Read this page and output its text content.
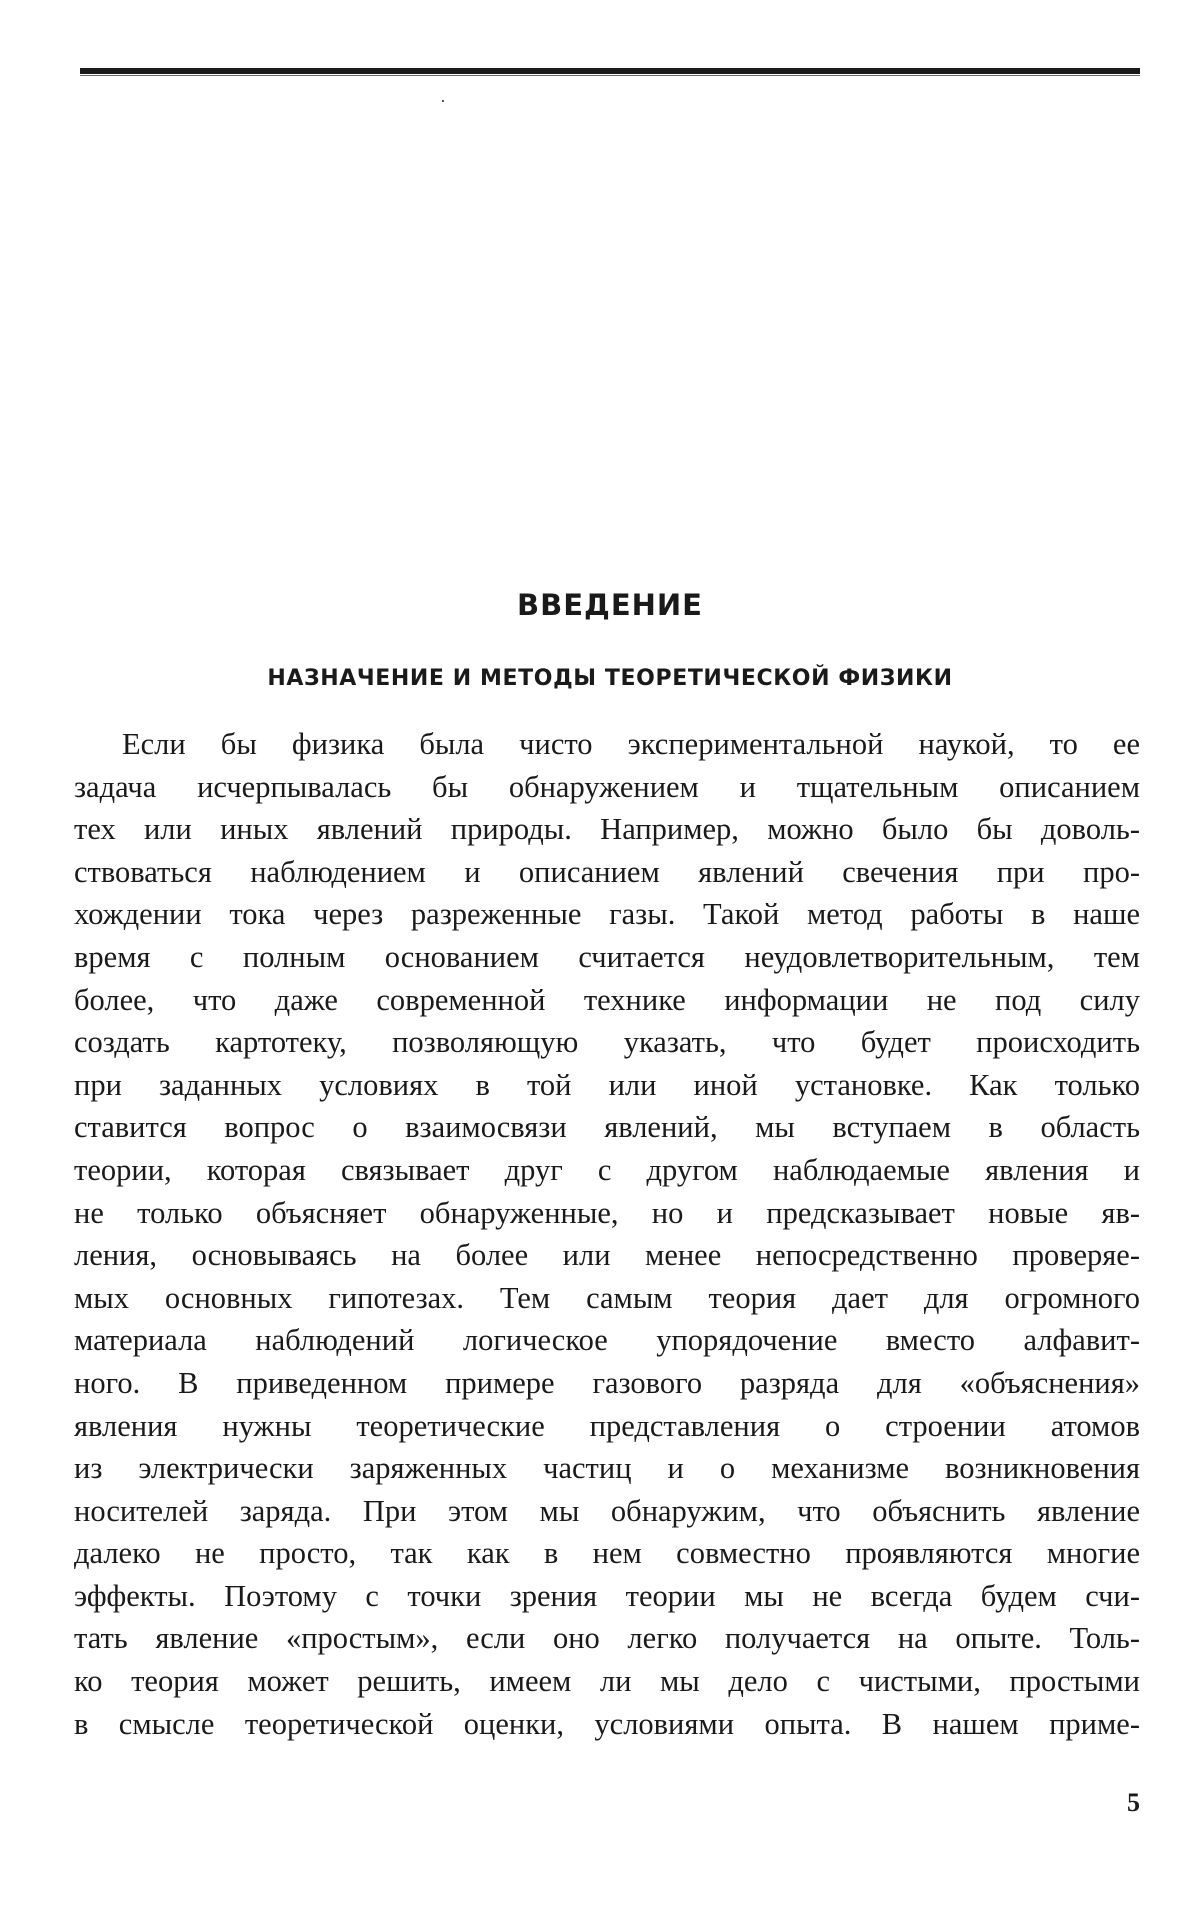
ВВЕДЕНИЕ
НАЗНАЧЕНИЕ И МЕТОДЫ ТЕОРЕТИЧЕСКОЙ ФИЗИКИ
Если бы физика была чисто экспериментальной наукой, то ее
задача исчерпывалась бы обнаружением и тщательным описанием
тех или иных явлений природы. Например, можно было бы доволь-
ствоваться наблюдением и описанием явлений свечения при про-
хождении тока через разреженные газы. Такой метод работы в наше
время с полным основанием считается неудовлетворительным, тем
более, что даже современной технике информации не под силу
создать картотеку, позволяющую указать, что будет происходить
при заданных условиях в той или иной установке. Как только
ставится вопрос о взаимосвязи явлений, мы вступаем в область
теории, которая связывает друг с другом наблюдаемые явления и
не только объясняет обнаруженные, но и предсказывает новые яв-
ления, основываясь на более или менее непосредственно проверяе-
мых основных гипотезах. Тем самым теория дает для огромного
материала наблюдений логическое упорядочение вместо алфавит-
ного. В приведенном примере газового разряда для «объяснения»
явления нужны теоретические представления о строении атомов
из электрически заряженных частиц и о механизме возникновения
носителей заряда. При этом мы обнаружим, что объяснить явление
далеко не просто, так как в нем совместно проявляются многие
эффекты. Поэтому с точки зрения теории мы не всегда будем счи-
тать явление «простым», если оно легко получается на опыте. Толь-
ко теория может решить, имеем ли мы дело с чистыми, простыми
в смысле теоретической оценки, условиями опыта. В нашем приме-
5
